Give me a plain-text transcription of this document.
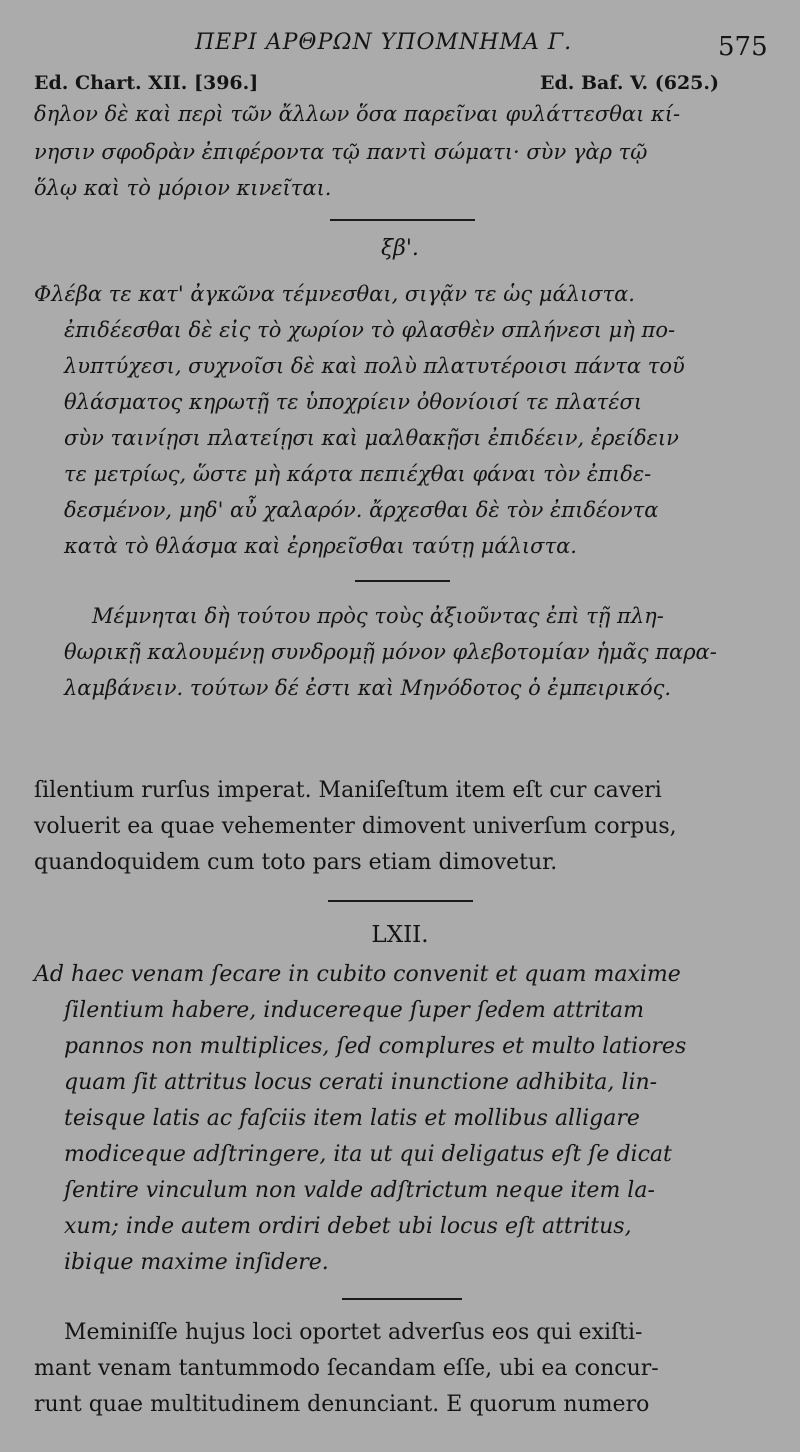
ΠΕΡΙ ΑΡΘΡΩΝ ΥΠΟΜΝΗΜΑ Γ.	575
Ed. Chart. XII. [396.]	Ed. Baf. V. (625.)
δηλον δὲ καὶ περὶ τῶν ἄλλων ὅσα παρεῖναι φυλάττεσθαι κί-
νησιν σφοδρὰν ἐπιφέροντα τῷ παντὶ σώματι· σὺν γὰρ τῷ
ὅλῳ καὶ τὸ μόριον κινεῖται.
ξβ'.
Φλέβα τε κατ' ἀγκῶνα τέμνεσθαι, σιγᾷν τε ὡς μάλιστα.
ἐπιδέεσθαι δὲ εἰς τὸ χωρίον τὸ φλασθὲν σπλήνεσι μὴ πο-
λυπτύχεσι, συχνοῖσι δὲ καὶ πολὺ πλατυτέροισι πάντα τοῦ
θλάσματος κηρωτῇ τε ὑποχρίειν ὀθονίοισί τε πλατέσι
σὺν ταινίῃσι πλατείῃσι καὶ μαλθακῇσι ἐπιδέειν, ἐρείδειν
τε μετρίως, ὥστε μὴ κάρτα πεπιέχθαι φάναι τὸν ἐπιδε-
δεσμένον, μηδ' αὖ χαλαρόν. ἄρχεσθαι δὲ τὸν ἐπιδέοντα
κατὰ τὸ θλάσμα καὶ ἐρηρεῖσθαι ταύτῃ μάλιστα.
Μέμνηται δὴ τούτου πρὸς τοὺς ἀξιοῦντας ἐπὶ τῇ πλη-
θωρικῇ καλουμένῃ συνδρομῇ μόνον φλεβοτομίαν ἡμᾶς παρα-
λαμβάνειν. τούτων δέ ἐστι καὶ Μηνόδοτος ὁ ἐμπειρικός.
ſilentium rurſus imperat. Maniſeſtum item eſt cur caveri
voluerit ea quae vehementer dimovent univerſum corpus,
quandoquidem cum toto pars etiam dimovetur.
LXII.
Ad haec venam ſecare in cubito convenit et quam maxime
ſilentium habere, inducereque ſuper ſedem attritam
pannos non multiplices, ſed complures et multo latiores
quam ſit attritus locus cerati inunctione adhibita, lin-
teisque latis ac faſciis item latis et mollibus alligare
modiceque adſtringere, ita ut qui deligatus eſt ſe dicat
ſentire vinculum non valde adſtrictum neque item la-
xum; inde autem ordiri debet ubi locus eſt attritus,
ibique maxime inſidere.
Meminiſſe hujus loci oportet adverſus eos qui exiſti-
mant venam tantummodo ſecandam eſſe, ubi ea concur-
runt quae multitudinem denunciant. E quorum numero
